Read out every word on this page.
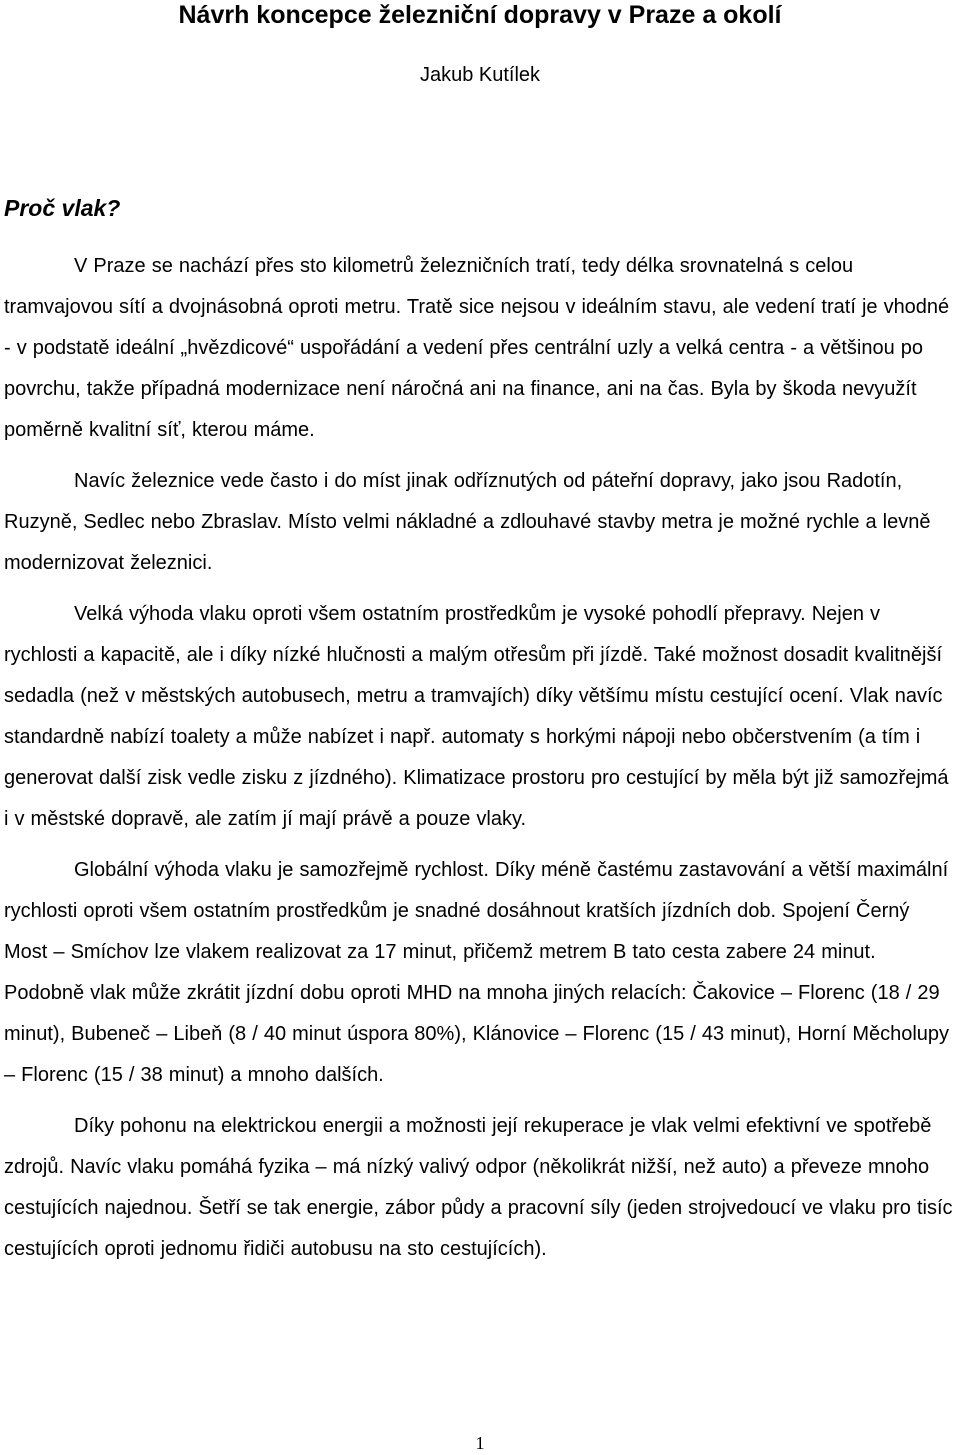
Návrh koncepce železniční dopravy v Praze a okolí
Jakub Kutílek
Proč vlak?

V Praze se nachází přes sto kilometrů železničních tratí, tedy délka srovnatelná s celou tramvajovou sítí a dvojnásobná oproti metru. Tratě sice nejsou v ideálním stavu, ale vedení tratí je vhodné - v podstatě ideální „hvězdicové“ uspořádání a vedení přes centrální uzly a velká centra - a většinou po povrchu, takže případná modernizace není náročná ani na finance, ani na čas. Byla by škoda nevyužít poměrně kvalitní síť, kterou máme.

Navíc železnice vede často i do míst jinak odříznutých od páteřní dopravy, jako jsou Radotín, Ruzyně, Sedlec nebo Zbraslav. Místo velmi nákladné a zdlouhavé stavby metra je možné rychle a levně modernizovat železnici.

Velká výhoda vlaku oproti všem ostatním prostředkům je vysoké pohodlí přepravy. Nejen v rychlosti a kapacitě, ale i díky nízké hlučnosti a malým otřesům při jízdě. Také možnost dosadit kvalitnější sedadla (než v městských autobusech, metru a tramvajích) díky většímu místu cestující ocení. Vlak navíc standardně nabízí toalety a může nabízet i např. automaty s horkými nápoji nebo občerstvením (a tím i generovat další zisk vedle zisku z jízdného). Klimatizace prostoru pro cestující by měla být již samozřejmá i v městské dopravě, ale zatím jí mají právě a pouze vlaky.

Globální výhoda vlaku je samozřejmě rychlost. Díky méně častému zastavování a větší maximální rychlosti oproti všem ostatním prostředkům je snadné dosáhnout kratších jízdních dob. Spojení Černý Most – Smíchov lze vlakem realizovat za 17 minut, přičemž metrem B tato cesta zabere 24 minut. Podobně vlak může zkrátit jízdní dobu oproti MHD na mnoha jiných relacích: Čakovice – Florenc (18 / 29 minut), Bubeneč – Libeň (8 / 40 minut úspora 80%), Klánovice – Florenc (15 / 43 minut), Horní Měcholupy – Florenc (15 / 38 minut) a mnoho dalších.

Díky pohonu na elektrickou energii a možnosti její rekuperace je vlak velmi efektivní ve spotřebě zdrojů. Navíc vlaku pomáhá fyzika – má nízký valivý odpor (několikrát nižší, než auto) a převeze mnoho cestujících najednou. Šetří se tak energie, zábor půdy a pracovní síly (jeden strojvedoucí ve vlaku pro tisíc cestujících oproti jednomu řidiči autobusu na sto cestujících).

1
